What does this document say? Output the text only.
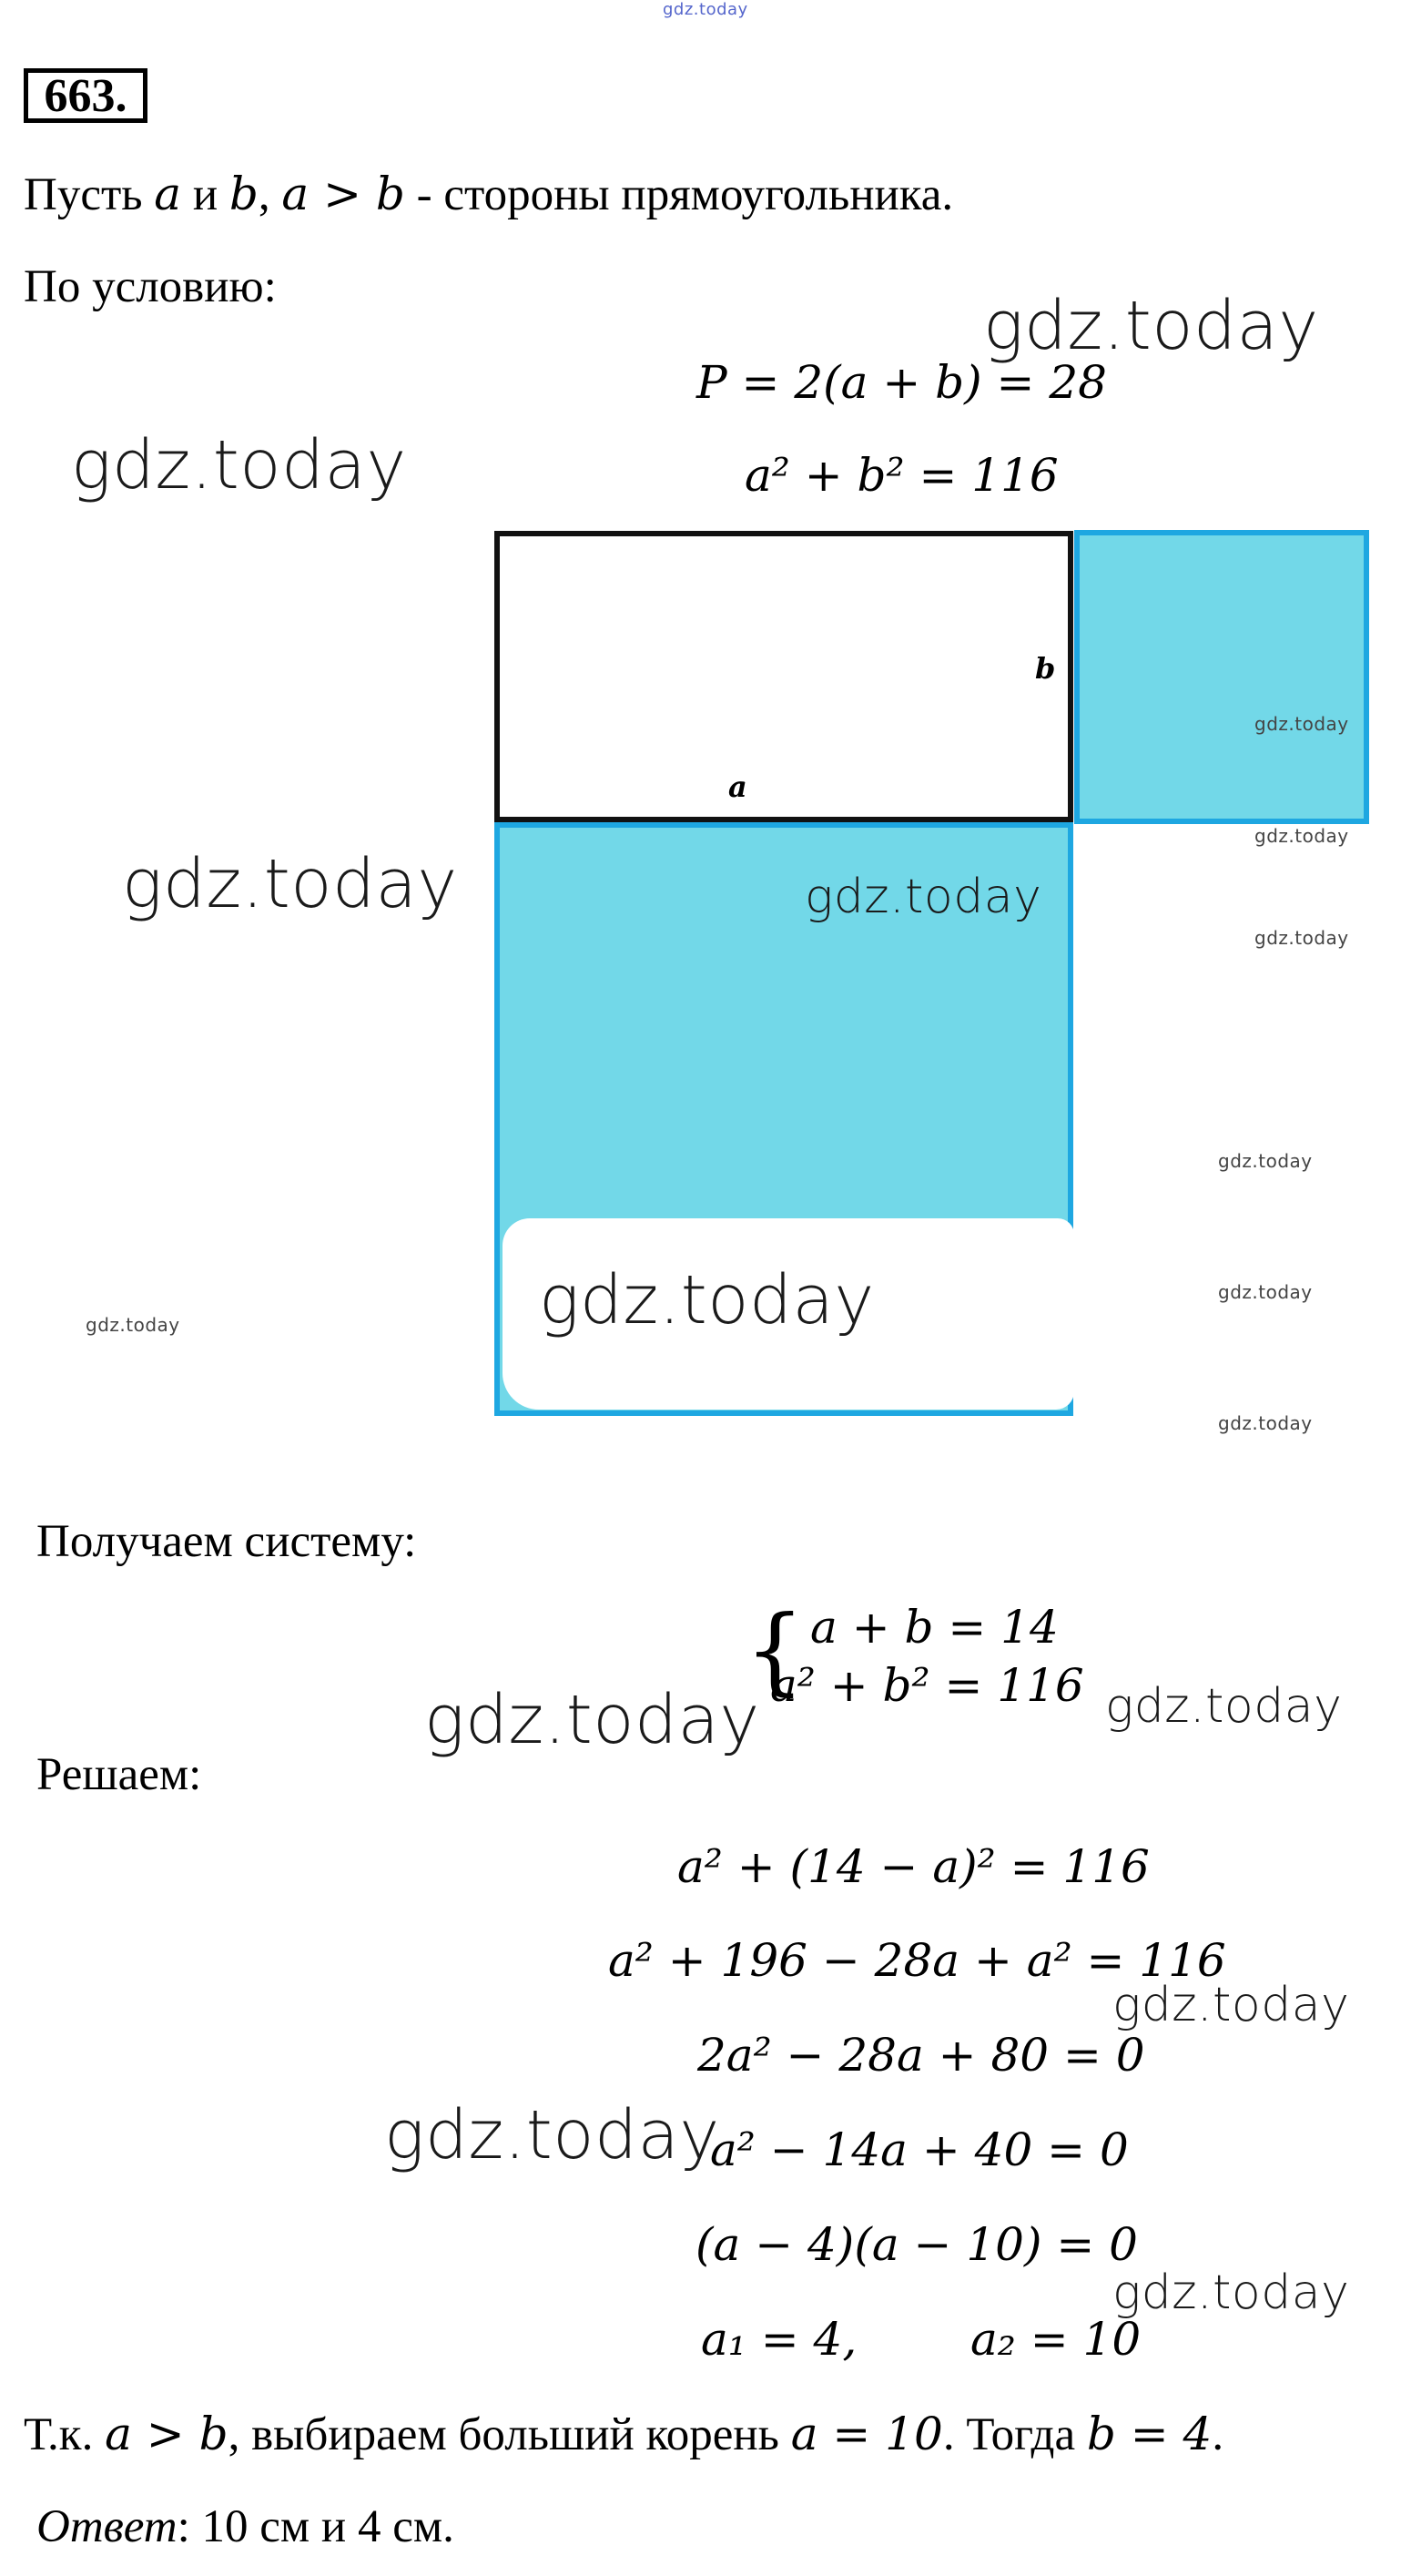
gdz.today
663.
Пусть a и b, a > b - стороны прямоугольника.
По условию:	gdz.today
P = 2(a + b) = 28
gdz.today	a² + b² = 116
b
a
gdz.today
gdz.today
gdz.today
gdz.today
gdz.today
gdz.today
gdz.today
gdz.today
gdz.today
gdz.today
Получаем систему:
{ a + b = 14
a² + b² = 116
gdz.today	gdz.today
Решаем:
a² + (14 − a)² = 116
a² + 196 − 28a + a² = 116
gdz.today
2a² − 28a + 80 = 0
gdz.today
a² − 14a + 40 = 0
(a − 4)(a − 10) = 0
gdz.today
a₁ = 4, a₂ = 10
Т.к. a > b, выбираем больший корень a = 10. Тогда b = 4.
Ответ: 10 см и 4 см.
